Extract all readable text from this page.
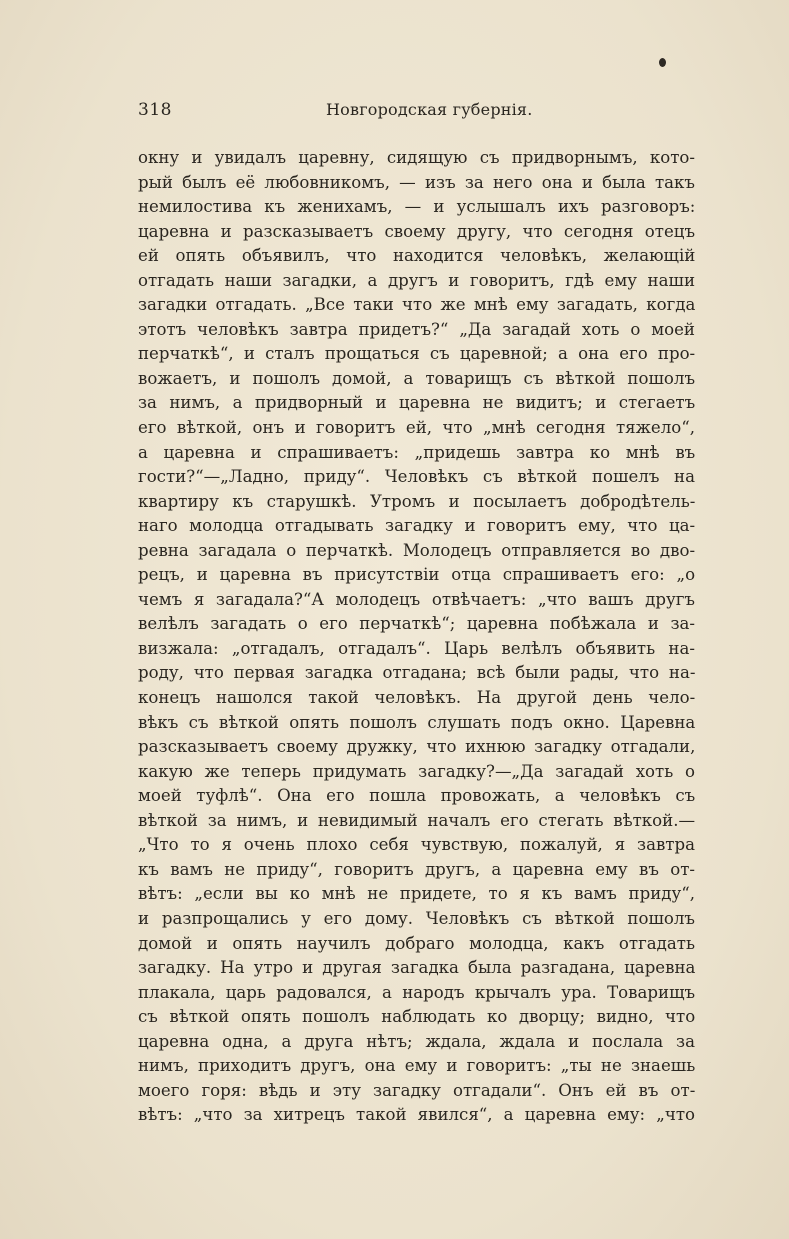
318	Новгородская губернія.
окну и увидалъ царевну, сидящую съ придворнымъ, кото-
рый былъ её любовникомъ, — изъ за него она и была такъ
немилостива къ женихамъ, — и услышалъ ихъ разговоръ:
царевна и разсказываетъ своему другу, что сегодня отецъ
ей опять объявилъ, что находится человѣкъ, желающій
отгадать наши загадки, а другъ и говоритъ, гдѣ ему наши
загадки отгадать. „Все таки что же мнѣ ему загадать, когда
этотъ человѣкъ завтра придетъ?“ „Да загадай хоть о моей
перчаткѣ“, и сталъ прощаться съ царевной; а она его про-
вожаетъ, и пошолъ домой, а товарищъ съ вѣткой пошолъ
за нимъ, а придворный и царевна не видитъ; и стегаетъ
его вѣткой, онъ и говоритъ ей, что „мнѣ сегодня тяжело“,
а царевна и спрашиваетъ: „придешь завтра ко мнѣ въ
гости?“—„Ладно, приду“. Человѣкъ съ вѣткой пошелъ на
квартиру къ старушкѣ. Утромъ и посылаетъ добродѣтель-
наго молодца отгадывать загадку и говоритъ ему, что ца-
ревна загадала о перчаткѣ. Молодецъ отправляется во дво-
рецъ, и царевна въ присутствіи отца спрашиваетъ его: „о
чемъ я загадала?“А молодецъ отвѣчаетъ: „что вашъ другъ
велѣлъ загадать о его перчаткѣ“; царевна побѣжала и за-
визжала: „отгадалъ, отгадалъ“. Царь велѣлъ объявить на-
роду, что первая загадка отгадана; всѣ были рады, что на-
конецъ нашолся такой человѣкъ. На другой день чело-
вѣкъ съ вѣткой опять пошолъ слушать подъ окно. Царевна
разсказываетъ своему дружку, что ихнюю загадку отгадали,
какую же теперь придумать загадку?—„Да загадай хоть о
моей туфлѣ“. Она его пошла провожать, а человѣкъ съ
вѣткой за нимъ, и невидимый началъ его стегать вѣткой.—
„Что то я очень плохо себя чувствую, пожалуй, я завтра
къ вамъ не приду“, говоритъ другъ, а царевна ему въ от-
вѣтъ: „если вы ко мнѣ не придете, то я къ вамъ приду“,
и разпрощались у его дому. Человѣкъ съ вѣткой пошолъ
домой и опять научилъ добраго молодца, какъ отгадать
загадку. На утро и другая загадка была разгадана, царевна
плакала, царь радовался, а народъ крычалъ ура. Товарищъ
съ вѣткой опять пошолъ наблюдать ко дворцу; видно, что
царевна одна, а друга нѣтъ; ждала, ждала и послала за
нимъ, приходитъ другъ, она ему и говоритъ: „ты не знаешь
моего горя: вѣдь и эту загадку отгадали“. Онъ ей въ от-
вѣтъ: „что за хитрецъ такой явился“, а царевна ему: „что
